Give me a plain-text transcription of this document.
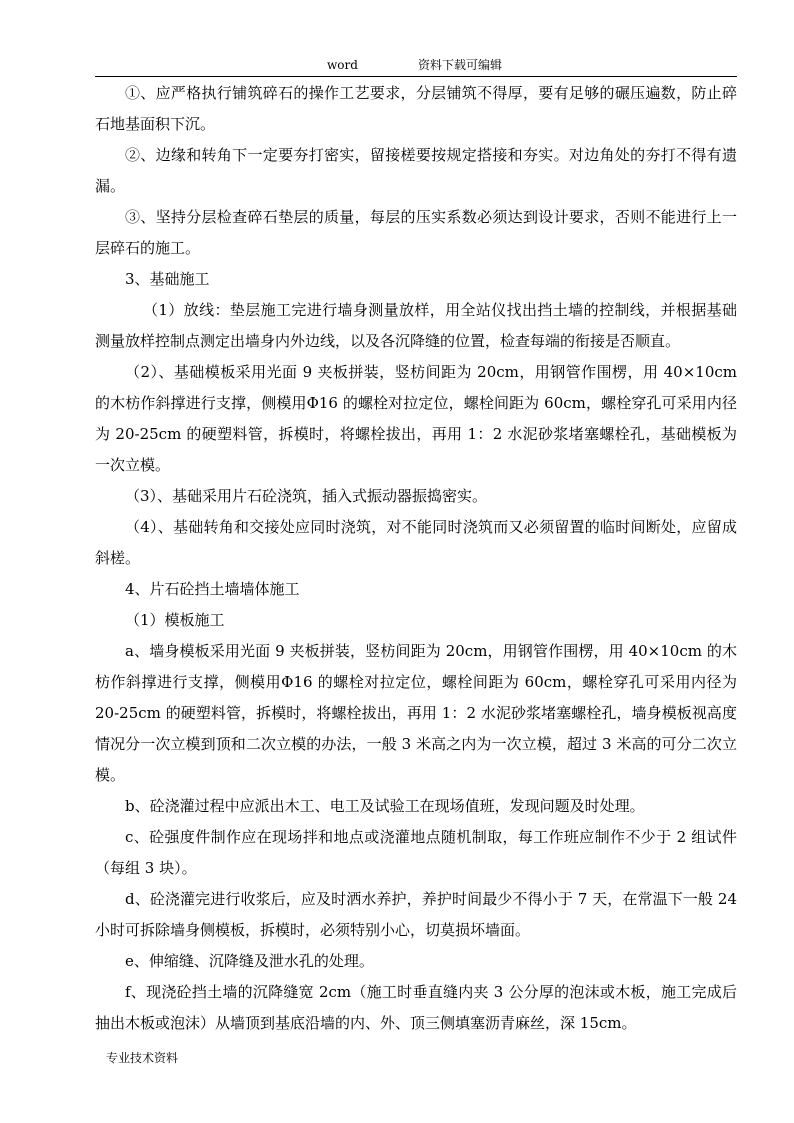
word	资料下载可编辑

①、应严格执行铺筑碎石的操作工艺要求，分层铺筑不得厚，要有足够的碾压遍数，防止碎石地基面积下沉。

②、边缘和转角下一定要夯打密实，留接槎要按规定搭接和夯实。对边角处的夯打不得有遗漏。

③、坚持分层检查碎石垫层的质量，每层的压实系数必须达到设计要求，否则不能进行上一层碎石的施工。

3、基础施工

（1）放线：垫层施工完进行墙身测量放样，用全站仪找出挡土墙的控制线，并根据基础测量放样控制点测定出墙身内外边线，以及各沉降缝的位置，检查每端的衔接是否顺直。

（2）、基础模板采用光面 9 夹板拼装，竖枋间距为 20cm，用钢管作围楞，用 40×10cm 的木枋作斜撑进行支撑，侧模用Φ16 的螺栓对拉定位，螺栓间距为 60cm，螺栓穿孔可采用内径为 20-25cm 的硬塑料管，拆模时，将螺栓拔出，再用 1：2 水泥砂浆堵塞螺栓孔，基础模板为一次立模。

（3）、基础采用片石砼浇筑，插入式振动器振捣密实。

（4）、基础转角和交接处应同时浇筑，对不能同时浇筑而又必须留置的临时间断处，应留成斜槎。

4、片石砼挡土墙墙体施工

（1）模板施工

a、墙身模板采用光面 9 夹板拼装，竖枋间距为 20cm，用钢管作围楞，用 40×10cm 的木枋作斜撑进行支撑，侧模用Φ16 的螺栓对拉定位，螺栓间距为 60cm，螺栓穿孔可采用内径为 20-25cm 的硬塑料管，拆模时，将螺栓拔出，再用 1：2 水泥砂浆堵塞螺栓孔，墙身模板视高度情况分一次立模到顶和二次立模的办法，一般 3 米高之内为一次立模，超过 3 米高的可分二次立模。

b、砼浇灌过程中应派出木工、电工及试验工在现场值班，发现问题及时处理。

c、砼强度件制作应在现场拌和地点或浇灌地点随机制取，每工作班应制作不少于 2 组试件（每组 3 块）。

d、砼浇灌完进行收浆后，应及时洒水养护，养护时间最少不得小于 7 天，在常温下一般 24 小时可拆除墙身侧模板，拆模时，必须特别小心，切莫损坏墙面。

e、伸缩缝、沉降缝及泄水孔的处理。

f、现浇砼挡土墙的沉降缝宽 2cm（施工时垂直缝内夹 3 公分厚的泡沫或木板，施工完成后抽出木板或泡沫）从墙顶到基底沿墙的内、外、顶三侧填塞沥青麻丝，深 15cm。

专业技术资料
